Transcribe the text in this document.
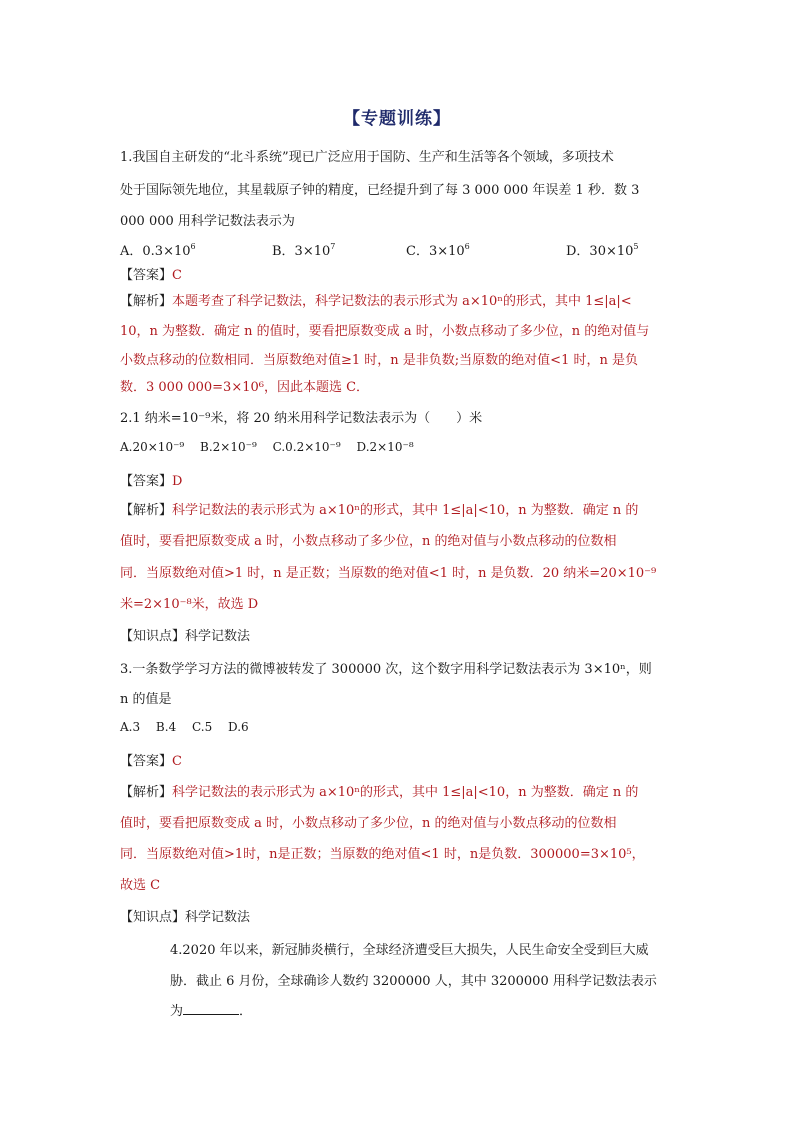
【专题训练】
1.我国自主研发的“北斗系统”现已广泛应用于国防、生产和生活等各个领域，多项技术
处于国际领先地位，其星载原子钟的精度，已经提升到了每 3 000 000 年误差 1 秒．数 3
000 000 用科学记数法表示为
A．$0.3\times 10^6$	B．$3\times 10^7$	C．$3\times 10^6$	D．$30\times 10^5$
【答案】C
【解析】本题考查了科学记数法，科学记数法的表示形式为 a×10ⁿ的形式，其中 1≤|a|<
10，n 为整数．确定 n 的值时，要看把原数变成 a 时，小数点移动了多少位，n 的绝对值与
小数点移动的位数相同．当原数绝对值≥1 时，n 是非负数;当原数的绝对值<1 时，n 是负
数．3 000 000=3×10⁶，因此本题选 C．
2.1 纳米=10⁻⁹米，将 20 纳米用科学记数法表示为（　　）米
A.20×10⁻⁹　 B.2×10⁻⁹　 C.0.2×10⁻⁹　 D.2×10⁻⁸
【答案】D
【解析】科学记数法的表示形式为 a×10ⁿ的形式，其中 1≤|a|<10，n 为整数．确定 n 的
值时，要看把原数变成 a 时，小数点移动了多少位，n 的绝对值与小数点移动的位数相
同．当原数绝对值>1 时，n 是正数；当原数的绝对值<1 时，n 是负数．20 纳米=20×10⁻⁹
米=2×10⁻⁸米，故选 D
【知识点】科学记数法
3.一条数学学习方法的微博被转发了 300000 次，这个数字用科学记数法表示为 3×10ⁿ，则
n 的值是
A.3　 B.4　 C.5　 D.6
【答案】C
【解析】科学记数法的表示形式为 a×10ⁿ的形式，其中 1≤|a|<10，n 为整数．确定 n 的
值时，要看把原数变成 a 时，小数点移动了多少位，n 的绝对值与小数点移动的位数相
同．当原数绝对值>1时，n是正数；当原数的绝对值<1 时，n是负数．300000=3×10⁵，
故选 C
【知识点】科学记数法
4.2020 年以来，新冠肺炎横行，全球经济遭受巨大损失，人民生命安全受到巨大威
胁．截止 6 月份，全球确诊人数约 3200000 人，其中 3200000 用科学记数法表示
为	．
